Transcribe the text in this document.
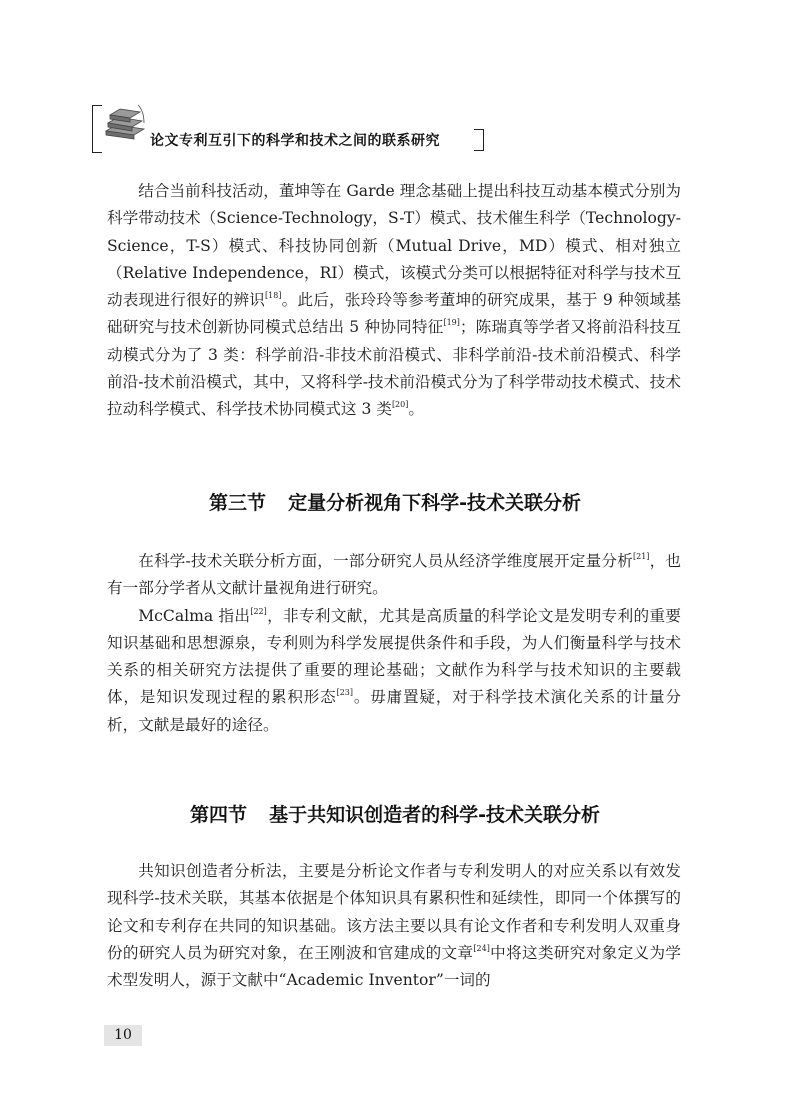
论文专利互引下的科学和技术之间的联系研究

结合当前科技活动，董坤等在 Garde 理念基础上提出科技互动基本模式分别为科学带动技术（Science-Technology，S-T）模式、技术催生科学（Technology-Science，T-S）模式、科技协同创新（Mutual Drive，MD）模式、相对独立（Relative Independence，RI）模式，该模式分类可以根据特征对科学与技术互动表现进行很好的辨识[18]。此后，张玲玲等参考董坤的研究成果，基于 9 种领域基础研究与技术创新协同模式总结出 5 种协同特征[19]；陈瑞真等学者又将前沿科技互动模式分为了 3 类：科学前沿-非技术前沿模式、非科学前沿-技术前沿模式、科学前沿-技术前沿模式，其中，又将科学-技术前沿模式分为了科学带动技术模式、技术拉动科学模式、科学技术协同模式这 3 类[20]。

第三节 定量分析视角下科学-技术关联分析

在科学-技术关联分析方面，一部分研究人员从经济学维度展开定量分析[21]，也有一部分学者从文献计量视角进行研究。

McCalma 指出[22]，非专利文献，尤其是高质量的科学论文是发明专利的重要知识基础和思想源泉，专利则为科学发展提供条件和手段，为人们衡量科学与技术关系的相关研究方法提供了重要的理论基础；文献作为科学与技术知识的主要载体，是知识发现过程的累积形态[23]。毋庸置疑，对于科学技术演化关系的计量分析，文献是最好的途径。

第四节 基于共知识创造者的科学-技术关联分析

共知识创造者分析法，主要是分析论文作者与专利发明人的对应关系以有效发现科学-技术关联，其基本依据是个体知识具有累积性和延续性，即同一个体撰写的论文和专利存在共同的知识基础。该方法主要以具有论文作者和专利发明人双重身份的研究人员为研究对象，在王刚波和官建成的文章[24]中将这类研究对象定义为学术型发明人，源于文献中“Academic Inventor”一词的

10
